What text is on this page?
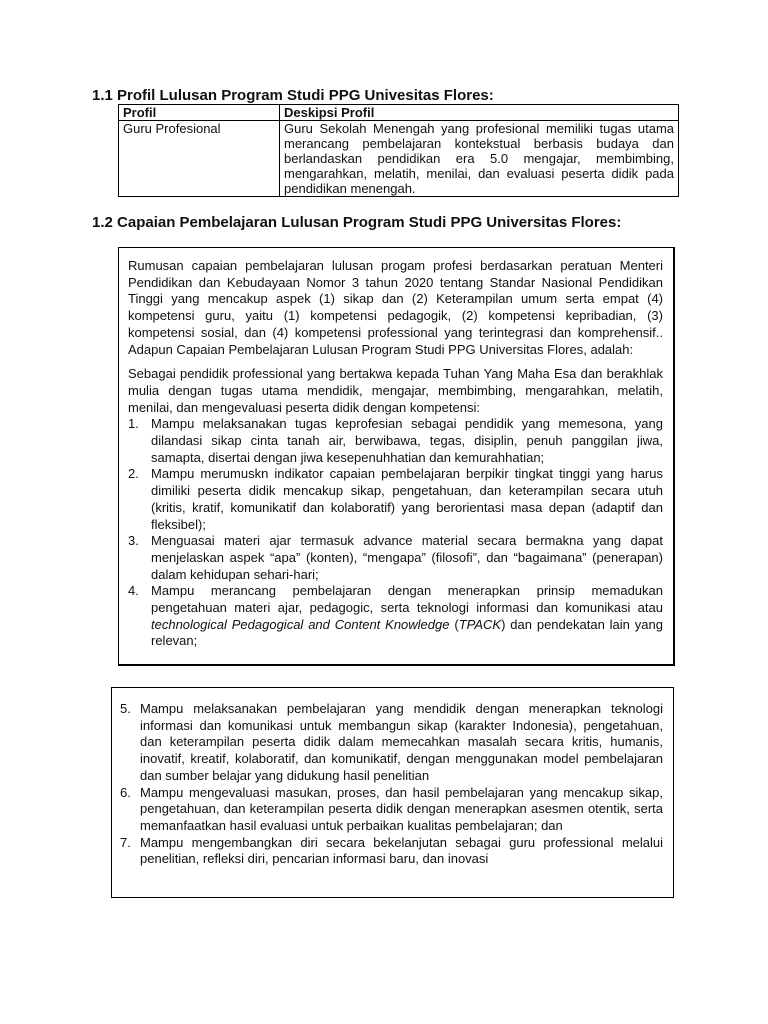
1.1 Profil Lulusan Program Studi PPG Univesitas Flores:
Profil	Deskipsi Profil
Guru Profesional	Guru Sekolah Menengah yang profesional memiliki tugas utama merancang pembelajaran kontekstual berbasis budaya dan berlandaskan pendidikan era 5.0 mengajar, membimbing, mengarahkan, melatih, menilai, dan evaluasi peserta didik pada pendidikan menengah.
1.2 Capaian Pembelajaran Lulusan Program Studi PPG Universitas Flores:

Rumusan capaian pembelajaran lulusan progam profesi berdasarkan peratuan Menteri Pendidikan dan Kebudayaan Nomor 3 tahun 2020 tentang Standar Nasional Pendidikan Tinggi yang mencakup aspek (1) sikap dan (2) Keterampilan umum serta empat (4) kompetensi guru, yaitu (1) kompetensi pedagogik, (2) kompetensi kepribadian, (3) kompetensi sosial, dan (4) kompetensi professional yang terintegrasi dan komprehensif.. Adapun Capaian Pembelajaran Lulusan Program Studi PPG Universitas Flores, adalah:

Sebagai pendidik professional yang bertakwa kepada Tuhan Yang Maha Esa dan berakhlak mulia dengan tugas utama mendidik, mengajar, membimbing, mengarahkan, melatih, menilai, dan mengevaluasi peserta didik dengan kompetensi:

1. Mampu melaksanakan tugas keprofesian sebagai pendidik yang memesona, yang dilandasi sikap cinta tanah air, berwibawa, tegas, disiplin, penuh panggilan jiwa, samapta, disertai dengan jiwa kesepenuhhatian dan kemurahhatian;
2. Mampu merumuskn indikator capaian pembelajaran berpikir tingkat tinggi yang harus dimiliki peserta didik mencakup sikap, pengetahuan, dan keterampilan secara utuh (kritis, kratif, komunikatif dan kolaboratif) yang berorientasi masa depan (adaptif dan fleksibel);
3. Menguasai materi ajar termasuk advance material secara bermakna yang dapat menjelaskan aspek “apa” (konten), “mengapa” (filosofi”, dan “bagaimana” (penerapan) dalam kehidupan sehari-hari;
4. Mampu merancang pembelajaran dengan menerapkan prinsip memadukan pengetahuan materi ajar, pedagogic, serta teknologi informasi dan komunikasi atau technological Pedagogical and Content Knowledge (TPACK) dan pendekatan lain yang relevan;
5. Mampu melaksanakan pembelajaran yang mendidik dengan menerapkan teknologi informasi dan komunikasi untuk membangun sikap (karakter Indonesia), pengetahuan, dan keterampilan peserta didik dalam memecahkan masalah secara kritis, humanis, inovatif, kreatif, kolaboratif, dan komunikatif, dengan menggunakan model pembelajaran dan sumber belajar yang didukung hasil penelitian
6. Mampu mengevaluasi masukan, proses, dan hasil pembelajaran yang mencakup sikap, pengetahuan, dan keterampilan peserta didik dengan menerapkan asesmen otentik, serta memanfaatkan hasil evaluasi untuk perbaikan kualitas pembelajaran; dan
7. Mampu mengembangkan diri secara bekelanjutan sebagai guru professional melalui penelitian, refleksi diri, pencarian informasi baru, dan inovasi
